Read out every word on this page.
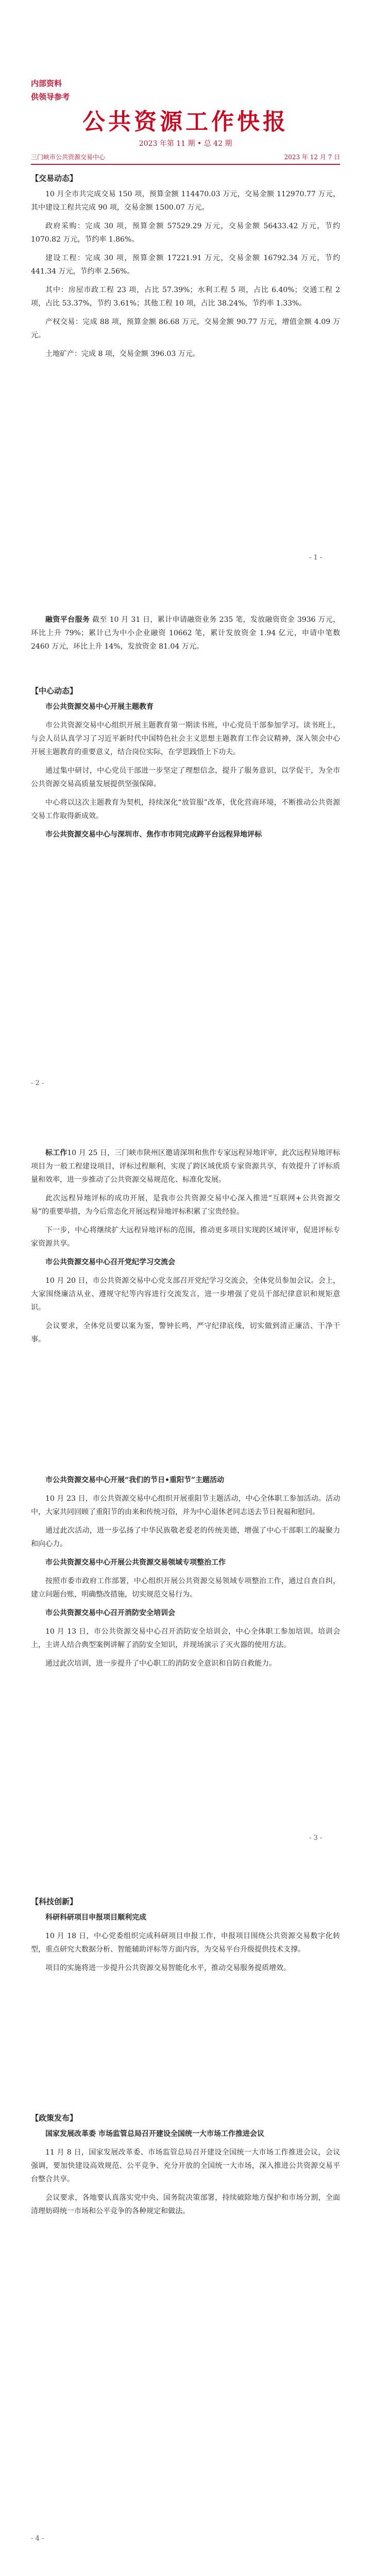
内部资料
供领导参考
公共资源工作快报
2023 年第 11 期 • 总 42 期
三门峡市公共资源交易中心	2023 年 12 月 7 日
【交易动态】

10 月全市共完成交易 150 项，预算金额 114470.03 万元，交易金额 112970.77 万元，其中建设工程共完成 90 项，交易金额 1500.07 万元。

政府采购：完成 30 项，预算金额 57529.29 万元，交易金额 56433.42 万元，节约 1070.82 万元，节约率 1.86%。

建设工程：完成 30 项，预算金额 17221.91 万元，交易金额 16792.34 万元，节约 441.34 万元，节约率 2.56%。

其中：房屋市政工程 23 项，占比 57.39%；水利工程 5 项，占比 6.40%；交通工程 2 项，占比 53.37%，节约 3.61%；其他工程 10 项，占比 38.24%，节约率 1.33%。

产权交易：完成 88 项，预算金额 86.68 万元，交易金额 90.77 万元，增值金额 4.09 万元。

土地矿产：完成 8 项，交易金额 396.03 万元。

- 1 -

融资平台服务 截至 10 月 31 日，累计申请融资业务 235 笔，发放融资资金 3936 万元，环比上升 79%；累计已为中小企业融资 10662 笔，累计发放资金 1.94 亿元，申请中笔数 2460 万元，环比上升 14%，发放资金 81.04 万元。

【中心动态】

市公共资源交易中心开展主题教育

市公共资源交易中心组织开展主题教育第一期读书班，中心党员干部参加学习。读书班上，与会人员认真学习了习近平新时代中国特色社会主义思想主题教育工作会议精神，深入领会中心开展主题教育的重要意义，结合岗位实际，在学思践悟上下功夫。

通过集中研讨，中心党员干部进一步坚定了理想信念，提升了服务意识，以学促干，为全市公共资源交易高质量发展提供坚强保障。

中心将以这次主题教育为契机，持续深化“放管服”改革，优化营商环境，不断推动公共资源交易工作取得新成效。

市公共资源交易中心与深圳市、焦作市市同完成跨平台远程异地评标

- 2 -

标工作10 月 25 日，三门峡市陕州区邀请深圳和焦作专家远程异地评审，此次远程异地评标项目为一般工程建设项目，评标过程顺利，实现了跨区域优质专家资源共享，有效提升了评标质量和效率，进一步推动了公共资源交易规范化、标准化发展。

此次远程异地评标的成功开展，是我市公共资源交易中心深入推进“互联网+公共资源交易”的重要举措，为今后常态化开展远程异地评标积累了宝贵经验。

下一步，中心将继续扩大远程异地评标的范围，推动更多项目实现跨区域评审，促进评标专家资源共享。

市公共资源交易中心召开党纪学习交流会

10 月 20 日，市公共资源交易中心党支部召开党纪学习交流会，全体党员参加会议。会上，大家围绕廉洁从业、遵规守纪等内容进行交流发言，进一步增强了党员干部纪律意识和规矩意识。

会议要求，全体党员要以案为鉴，警钟长鸣，严守纪律底线，切实做到清正廉洁、干净干事。

市公共资源交易中心开展“我们的节日•重阳节”主题活动

10 月 23 日，市公共资源交易中心组织开展重阳节主题活动，中心全体职工参加活动。活动中，大家共同回顾了重阳节的由来和传统习俗，并为中心退休老同志送去节日祝福和慰问。

通过此次活动，进一步弘扬了中华民族敬老爱老的传统美德，增强了中心干部职工的凝聚力和向心力。

市公共资源交易中心开展公共资源交易领域专项整治工作

按照市委市政府工作部署，中心组织开展公共资源交易领域专项整治工作，通过自查自纠，建立问题台账，明确整改措施，切实规范交易行为。

市公共资源交易中心召开消防安全培训会

10 月 13 日，市公共资源交易中心召开消防安全培训会，中心全体职工参加培训。培训会上，主讲人结合典型案例讲解了消防安全知识，并现场演示了灭火器的使用方法。

通过此次培训，进一步提升了中心职工的消防安全意识和自防自救能力。

- 3 -
【科技创新】

科研科研项目申报项目顺利完成

10 月 18 日，中心党委组织完成科研项目申报工作，申报项目围绕公共资源交易数字化转型，重点研究大数据分析、智能辅助评标等方面内容，为交易平台升级提供技术支撑。

项目的实施将进一步提升公共资源交易智能化水平，推动交易服务提质增效。

【政策发布】

国家发展改革委 市场监管总局召开建设全国统一大市场工作推进会议

11 月 8 日，国家发展改革委、市场监管总局召开建设全国统一大市场工作推进会议，会议强调，要加快建设高效规范、公平竞争、充分开放的全国统一大市场，深入推进公共资源交易平台整合共享。

会议要求，各地要认真落实党中央、国务院决策部署，持续破除地方保护和市场分割，全面清理妨碍统一市场和公平竞争的各种规定和做法。

- 4 -
